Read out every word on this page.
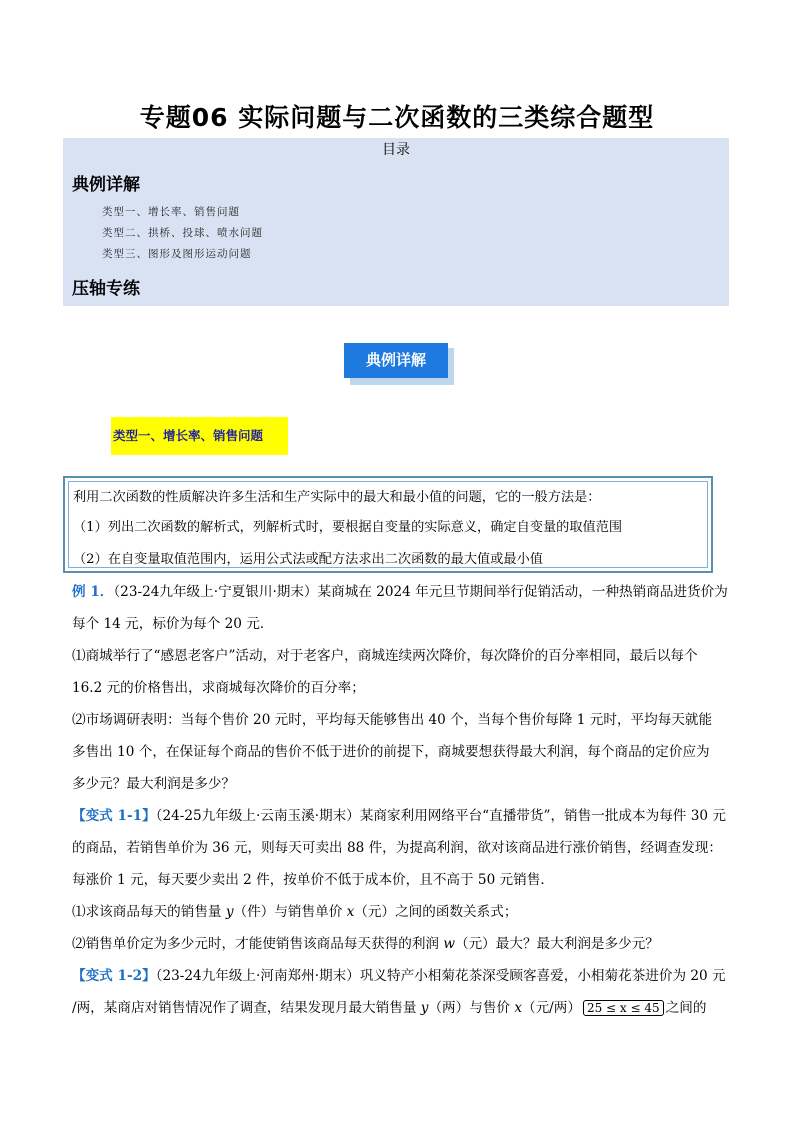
专题06 实际问题与二次函数的三类综合题型
目录
典例详解
类型一、增长率、销售问题
类型二、拱桥、投球、喷水问题
类型三、图形及图形运动问题
压轴专练
典例详解
类型一、增长率、销售问题
利用二次函数的性质解决许多生活和生产实际中的最大和最小值的问题，它的一般方法是：
（1）列出二次函数的解析式，列解析式时，要根据自变量的实际意义，确定自变量的取值范围
（2）在自变量取值范围内，运用公式法或配方法求出二次函数的最大值或最小值
例 1．（23-24九年级上·宁夏银川·期末）某商城在 2024 年元旦节期间举行促销活动，一种热销商品进货价为
每个 14 元，标价为每个 20 元．
⑴商城举行了“感恩老客户”活动，对于老客户，商城连续两次降价，每次降价的百分率相同，最后以每个
16.2 元的价格售出，求商城每次降价的百分率；
⑵市场调研表明：当每个售价 20 元时，平均每天能够售出 40 个，当每个售价每降 1 元时，平均每天就能
多售出 10 个，在保证每个商品的售价不低于进价的前提下，商城要想获得最大利润，每个商品的定价应为
多少元？最大利润是多少？
【变式 1-1】（24-25九年级上·云南玉溪·期末）某商家利用网络平台“直播带货”，销售一批成本为每件 30 元
的商品，若销售单价为 36 元，则每天可卖出 88 件，为提高利润，欲对该商品进行涨价销售，经调查发现：
每涨价 1 元，每天要少卖出 2 件，按单价不低于成本价，且不高于 50 元销售．
⑴求该商品每天的销售量 y（件）与销售单价 x（元）之间的函数关系式；
⑵销售单价定为多少元时，才能使销售该商品每天获得的利润 w（元）最大？最大利润是多少元？
【变式 1-2】（23-24九年级上·河南郑州·期末）巩义特产小相菊花茶深受顾客喜爱，小相菊花茶进价为 20 元
/两，某商店对销售情况作了调查，结果发现月最大销售量 y（两）与售价 x（元/两） 25 ≤ x ≤ 45 之间的
